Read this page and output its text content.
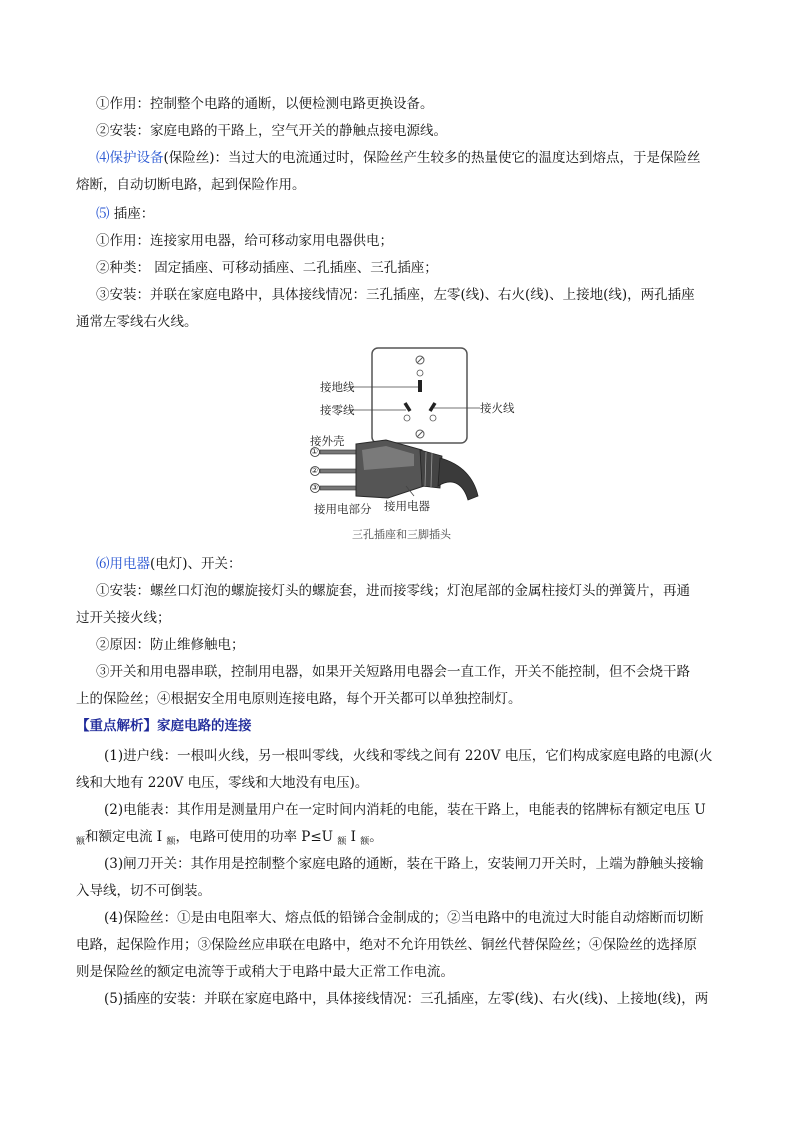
①作用：控制整个电路的通断，以便检测电路更换设备。
②安装：家庭电路的干路上，空气开关的静触点接电源线。
⑷保护设备(保险丝)：当过大的电流通过时，保险丝产生较多的热量使它的温度达到熔点，于是保险丝
熔断，自动切断电路，起到保险作用。
⑸ 插座：
①作用：连接家用电器，给可移动家用电器供电；
②种类： 固定插座、可移动插座、二孔插座、三孔插座；
③安装：并联在家庭电路中，具体接线情况：三孔插座，左零(线)、右火(线)、上接地(线)，两孔插座
通常左零线右火线。
接地线
接零线	接火线
接外壳
①
②
③
接用电部分 接用电器
三孔插座和三脚插头
⑹用电器(电灯)、开关：
①安装：螺丝口灯泡的螺旋接灯头的螺旋套，进而接零线；灯泡尾部的金属柱接灯头的弹簧片，再通
过开关接火线；
②原因：防止维修触电；
③开关和用电器串联，控制用电器，如果开关短路用电器会一直工作，开关不能控制，但不会烧干路
上的保险丝；④根据安全用电原则连接电路，每个开关都可以单独控制灯。
【重点解析】家庭电路的连接
(1)进户线：一根叫火线，另一根叫零线，火线和零线之间有 220V 电压，它们构成家庭电路的电源(火
线和大地有 220V 电压，零线和大地没有电压)。
(2)电能表：其作用是测量用户在一定时间内消耗的电能，装在干路上，电能表的铭牌标有额定电压 U
$_额$和额定电流 I $_额$，电路可使用的功率 P≤U $_额$ I $_额$。
(3)闸刀开关：其作用是控制整个家庭电路的通断，装在干路上，安装闸刀开关时，上端为静触头接输
入导线，切不可倒装。
(4)保险丝：①是由电阻率大、熔点低的铅锑合金制成的；②当电路中的电流过大时能自动熔断而切断
电路，起保险作用；③保险丝应串联在电路中，绝对不允许用铁丝、铜丝代替保险丝；④保险丝的选择原
则是保险丝的额定电流等于或稍大于电路中最大正常工作电流。
(5)插座的安装：并联在家庭电路中，具体接线情况：三孔插座，左零(线)、右火(线)、上接地(线)，两
